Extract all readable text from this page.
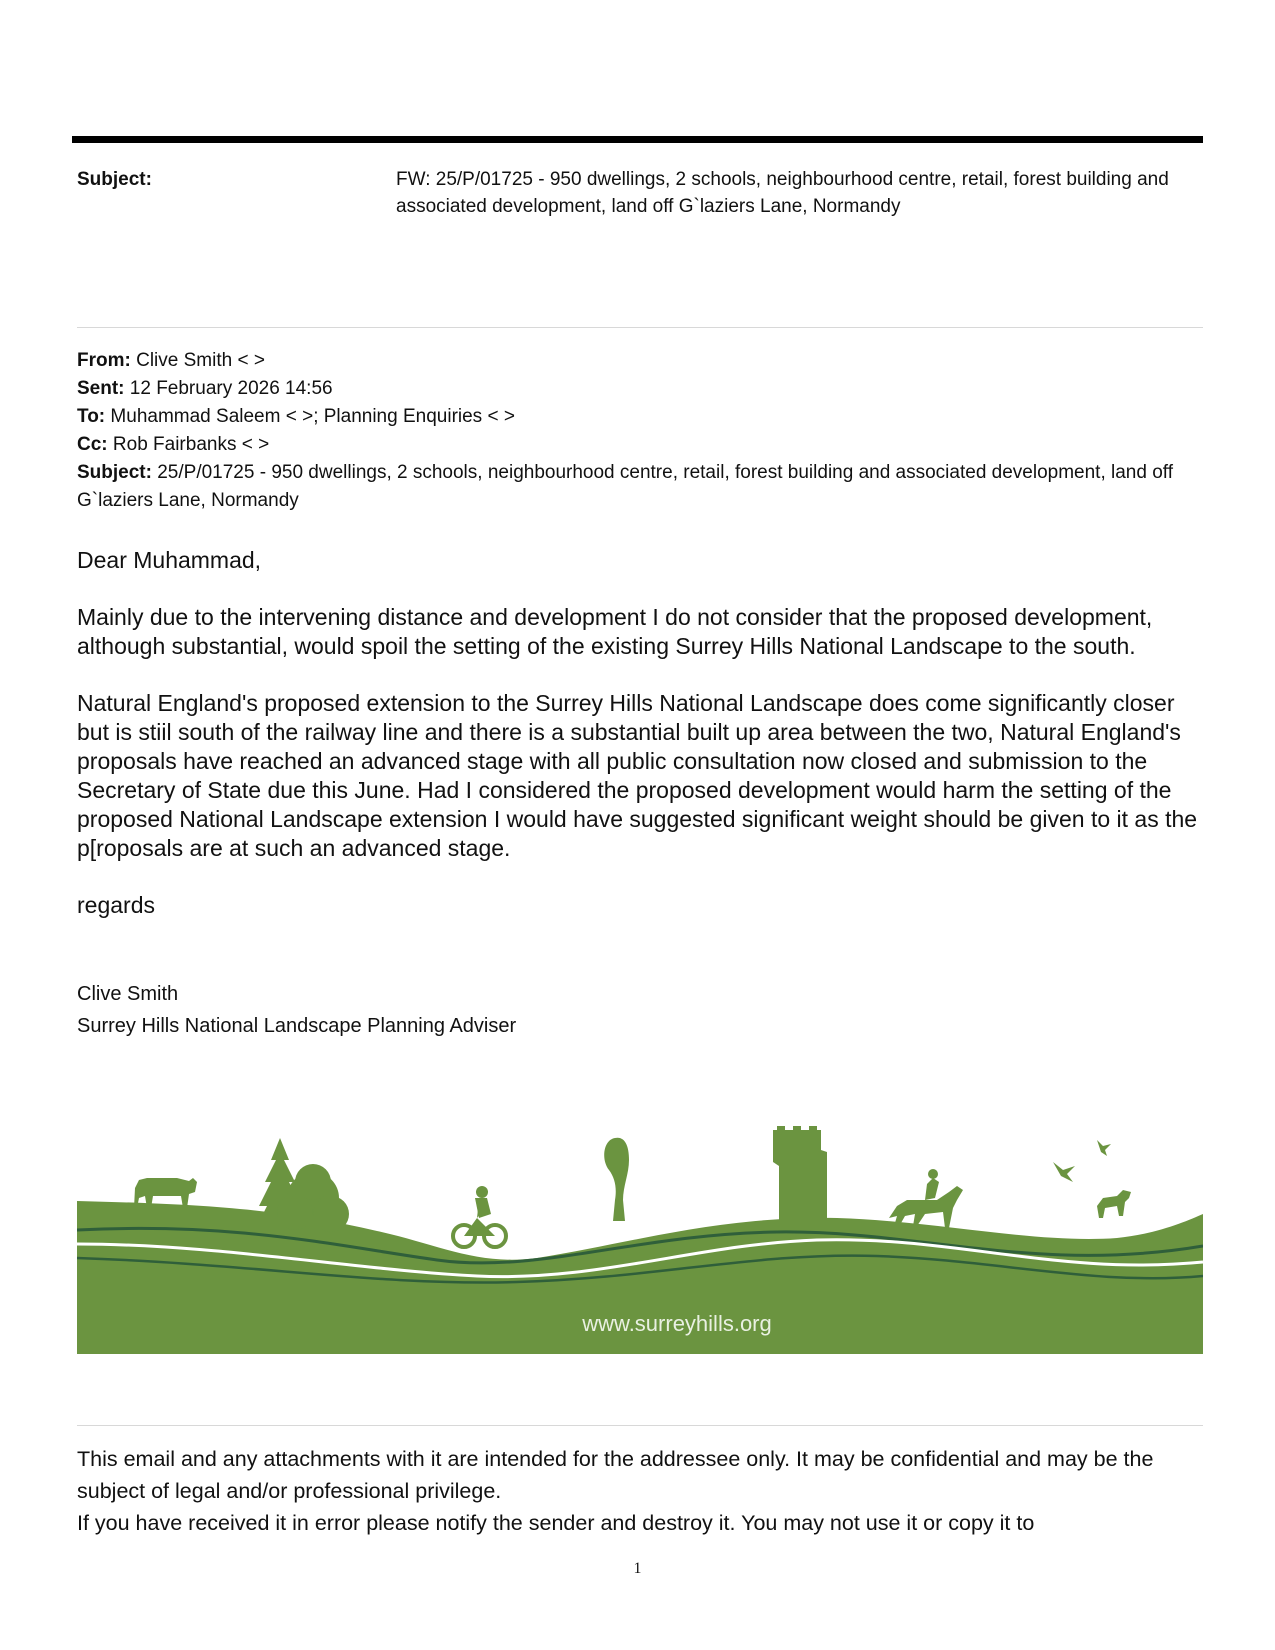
Subject:	FW: 25/P/01725 - 950 dwellings, 2 schools, neighbourhood centre, retail, forest building and associated development, land off G`laziers Lane, Normandy
From: Clive Smith < >
Sent: 12 February 2026 14:56
To: Muhammad Saleem < >; Planning Enquiries < >
Cc: Rob Fairbanks < >
Subject: 25/P/01725 - 950 dwellings, 2 schools, neighbourhood centre, retail, forest building and associated development, land off G`laziers Lane, Normandy

Dear Muhammad,

Mainly due to the intervening distance and development I do not consider that the proposed development, although substantial, would spoil the setting of the existing Surrey Hills National Landscape to the south.

Natural England's proposed extension to the Surrey Hills National Landscape does come significantly closer but is stiil south of the railway line and there is a substantial built up area between the two, Natural England's proposals have reached an advanced stage with all public consultation now closed and submission to the Secretary of State due this June. Had I considered the proposed development would harm the setting of the proposed National Landscape extension I would have suggested significant weight should be given to it as the p[roposals are at such an advanced stage.

regards

Clive Smith
Surrey Hills National Landscape Planning Adviser
www.surreyhills.org

This email and any attachments with it are intended for the addressee only. It may be confidential and may be the subject of legal and/or professional privilege.

If you have received it in error please notify the sender and destroy it. You may not use it or copy it to

1
